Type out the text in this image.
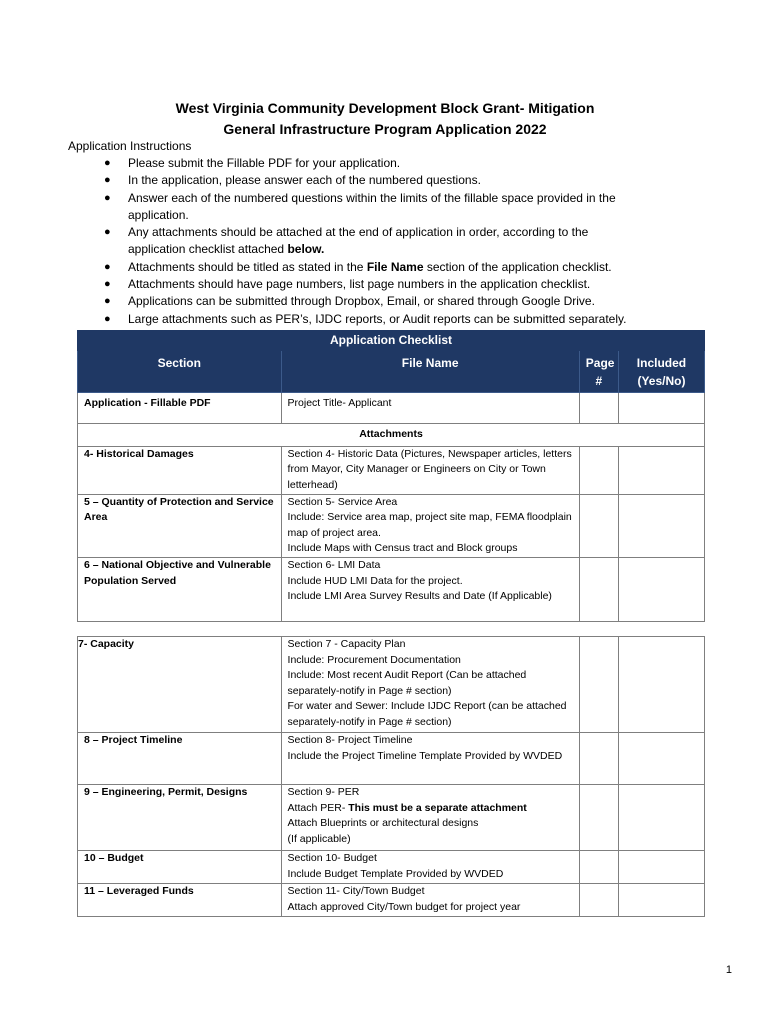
West Virginia Community Development Block Grant- Mitigation
General Infrastructure Program Application 2022
Application Instructions
● Please submit the Fillable PDF for your application.
● In the application, please answer each of the numbered questions.
● Answer each of the numbered questions within the limits of the fillable space provided in the application.
● Any attachments should be attached at the end of application in order, according to the application checklist attached below.
● Attachments should be titled as stated in the File Name section of the application checklist.
● Attachments should have page numbers, list page numbers in the application checklist.
● Applications can be submitted through Dropbox, Email, or shared through Google Drive.
● Large attachments such as PER’s, IJDC reports, or Audit reports can be submitted separately.
Application Checklist			
Section	File Name	Page #	Included (Yes/No)
Application - Fillable PDF	Project Title- Applicant		
Attachments			
4- Historical Damages	Section 4- Historic Data (Pictures, Newspaper articles, letters from Mayor, City Manager or Engineers on City or Town letterhead)		
5 – Quantity of Protection and Service Area	Section 5- Service Area
Include: Service area map, project site map, FEMA floodplain map of project area.
Include Maps with Census tract and Block groups		
6 – National Objective and Vulnerable Population Served	Section 6- LMI Data
Include HUD LMI Data for the project.
Include LMI Area Survey Results and Date (If Applicable)		
7- Capacity	Section 7 - Capacity Plan
Include: Procurement Documentation
Include: Most recent Audit Report (Can be attached separately-notify in Page # section)
For water and Sewer: Include IJDC Report (can be attached separately-notify in Page # section)		
8 – Project Timeline	Section 8- Project Timeline
Include the Project Timeline Template Provided by WVDED		
9 – Engineering, Permit, Designs	Section 9- PER
Attach PER- This must be a separate attachment
Attach Blueprints or architectural designs
(If applicable)		
10 – Budget	Section 10- Budget
Include Budget Template Provided by WVDED		
11 – Leveraged Funds	Section 11- City/Town Budget
Attach approved City/Town budget for project year		
1
